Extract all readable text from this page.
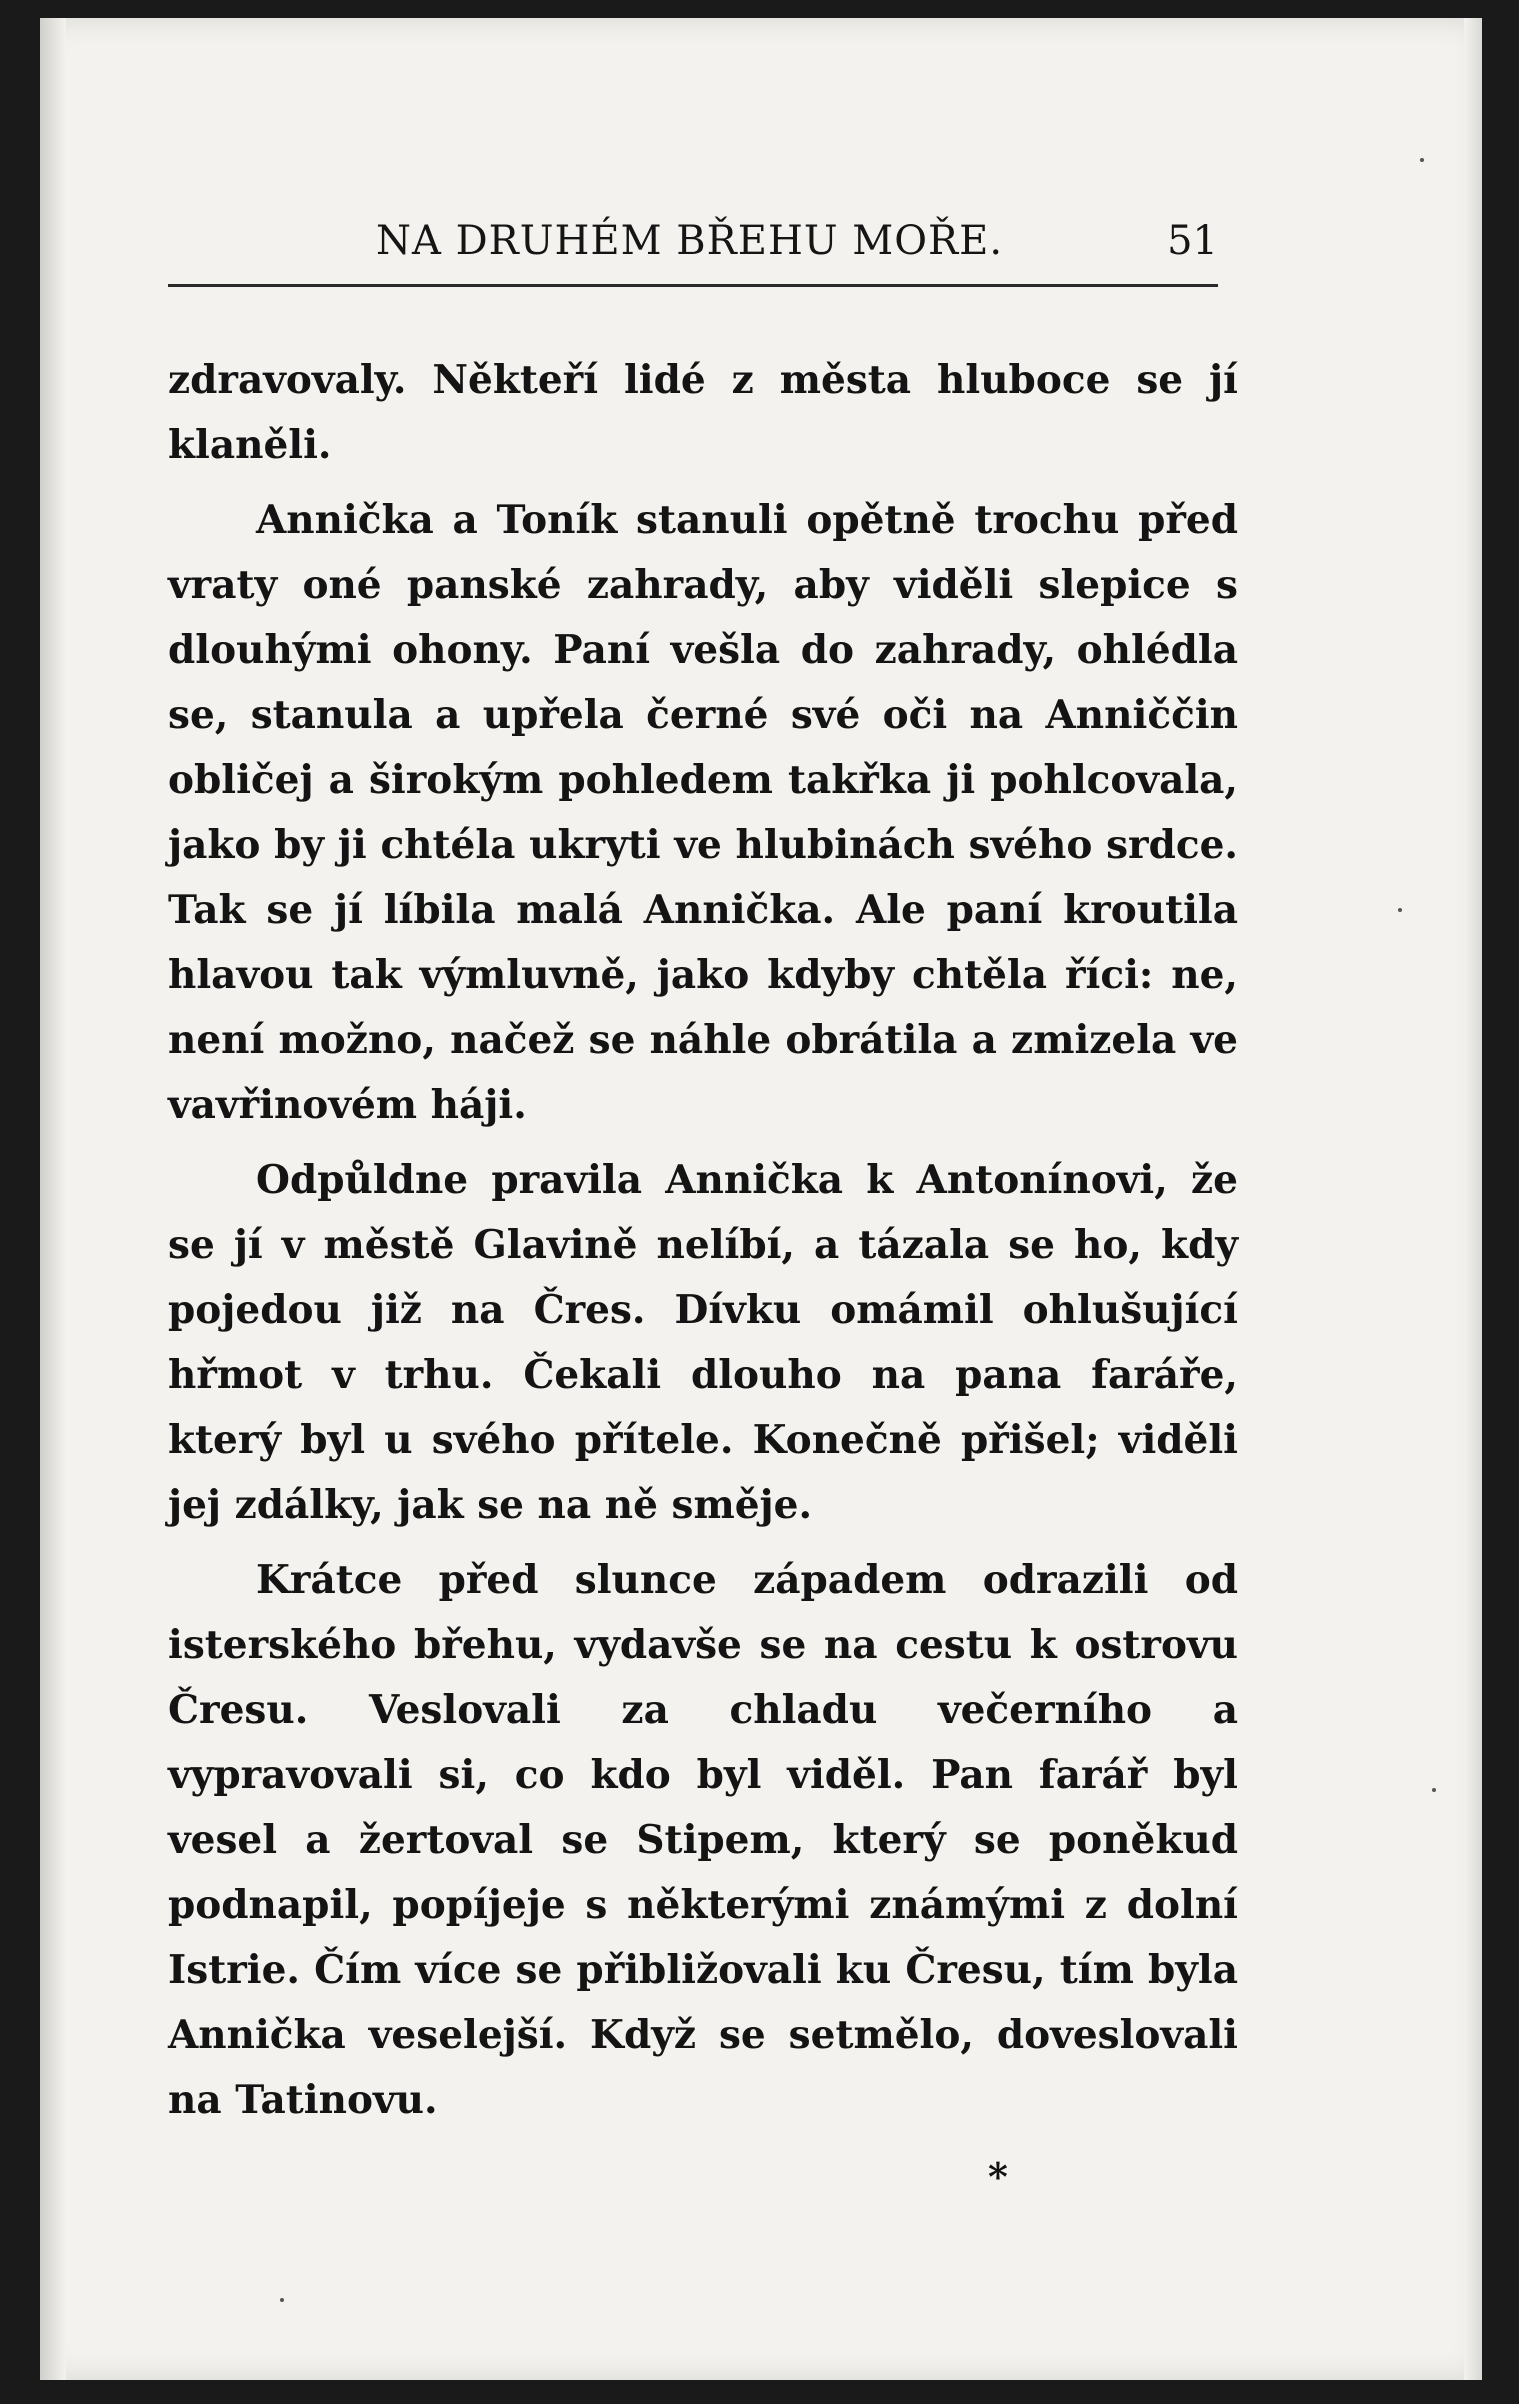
NA DRUHÉM BŘEHU MOŘE.	51

zdravovaly. Někteří lidé z města hluboce se jí klaněli.

Annička a Toník stanuli opětně trochu před vraty oné panské zahrady, aby viděli slepice s dlouhými ohony. Paní vešla do zahrady, ohlédla se, stanula a upřela černé své oči na Anniččin obličej a širokým pohledem takřka ji pohlcovala, jako by ji chtéla ukryti ve hlubinách svého srdce. Tak se jí líbila malá Annička. Ale paní kroutila hlavou tak výmluvně, jako kdyby chtěla říci: ne, není možno, načež se náhle obrátila a zmizela ve vavřinovém háji.

Odpůldne pravila Annička k Antonínovi, že se jí v městě Glavině nelíbí, a tázala se ho, kdy pojedou již na Čres. Dívku omámil ohlušující hřmot v trhu. Čekali dlouho na pana faráře, který byl u svého přítele. Konečně přišel; viděli jej zdálky, jak se na ně směje.

Krátce před slunce západem odrazili od isterského břehu, vydavše se na cestu k ostrovu Čresu. Veslovali za chladu večerního a vypravovali si, co kdo byl viděl. Pan farář byl vesel a žertoval se Stipem, který se poněkud podnapil, popíjeje s některými známými z dolní Istrie. Čím více se přibližovali ku Čresu, tím byla Annička veselejší. Když se setmělo, doveslovali na Tatinovu.

*
